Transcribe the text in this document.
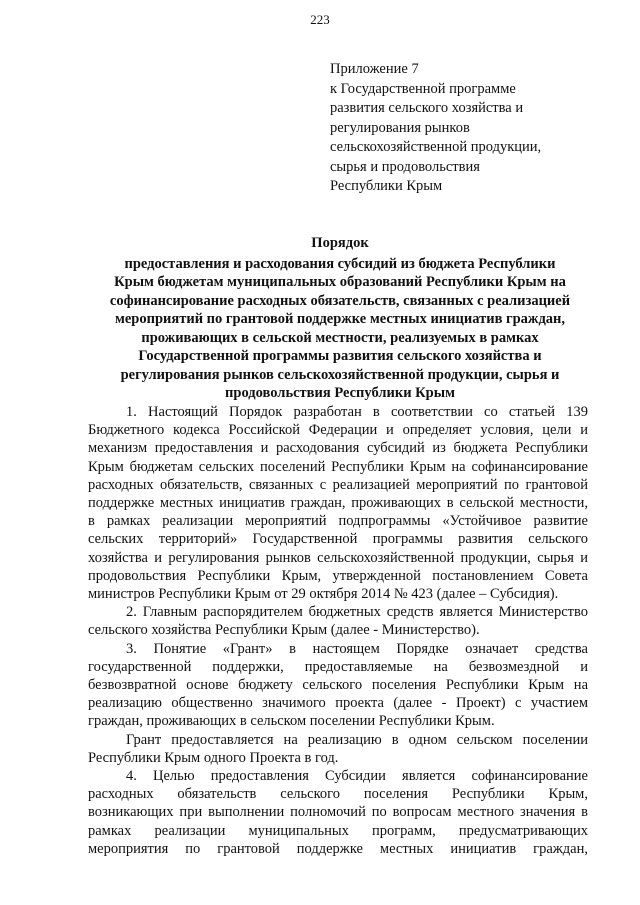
223
Приложение 7
к Государственной программе
развития сельского хозяйства и
регулирования рынков
сельскохозяйственной продукции,
сырья и продовольствия
Республики Крым
Порядок
предоставления и расходования субсидий из бюджета Республики
Крым бюджетам муниципальных образований Республики Крым на
софинансирование расходных обязательств, связанных с реализацией
мероприятий по грантовой поддержке местных инициатив граждан,
проживающих в сельской местности, реализуемых в рамках
Государственной программы развития сельского хозяйства и
регулирования рынков сельскохозяйственной продукции, сырья и
продовольствия Республики Крым
1. Настоящий Порядок разработан в соответствии со статьей 139
Бюджетного кодекса Российской Федерации и определяет условия, цели и
механизм предоставления и расходования субсидий из бюджета Республики
Крым бюджетам сельских поселений Республики Крым на софинансирование
расходных обязательств, связанных с реализацией мероприятий по грантовой
поддержке местных инициатив граждан, проживающих в сельской местности,
в рамках реализации мероприятий подпрограммы «Устойчивое развитие
сельских территорий» Государственной программы развития сельского
хозяйства и регулирования рынков сельскохозяйственной продукции, сырья и
продовольствия Республики Крым, утвержденной постановлением Совета
министров Республики Крым от 29 октября 2014 № 423 (далее – Субсидия).
2. Главным распорядителем бюджетных средств является Министерство
сельского хозяйства Республики Крым (далее - Министерство).
3. Понятие «Грант» в настоящем Порядке означает средства
государственной поддержки, предоставляемые на безвозмездной и
безвозвратной основе бюджету сельского поселения Республики Крым на
реализацию общественно значимого проекта (далее - Проект) с участием
граждан, проживающих в сельском поселении Республики Крым.
Грант предоставляется на реализацию в одном сельском поселении
Республики Крым одного Проекта в год.
4. Целью предоставления Субсидии является софинансирование
расходных обязательств сельского поселения Республики Крым,
возникающих при выполнении полномочий по вопросам местного значения в
рамках реализации муниципальных программ, предусматривающих
мероприятия по грантовой поддержке местных инициатив граждан,
